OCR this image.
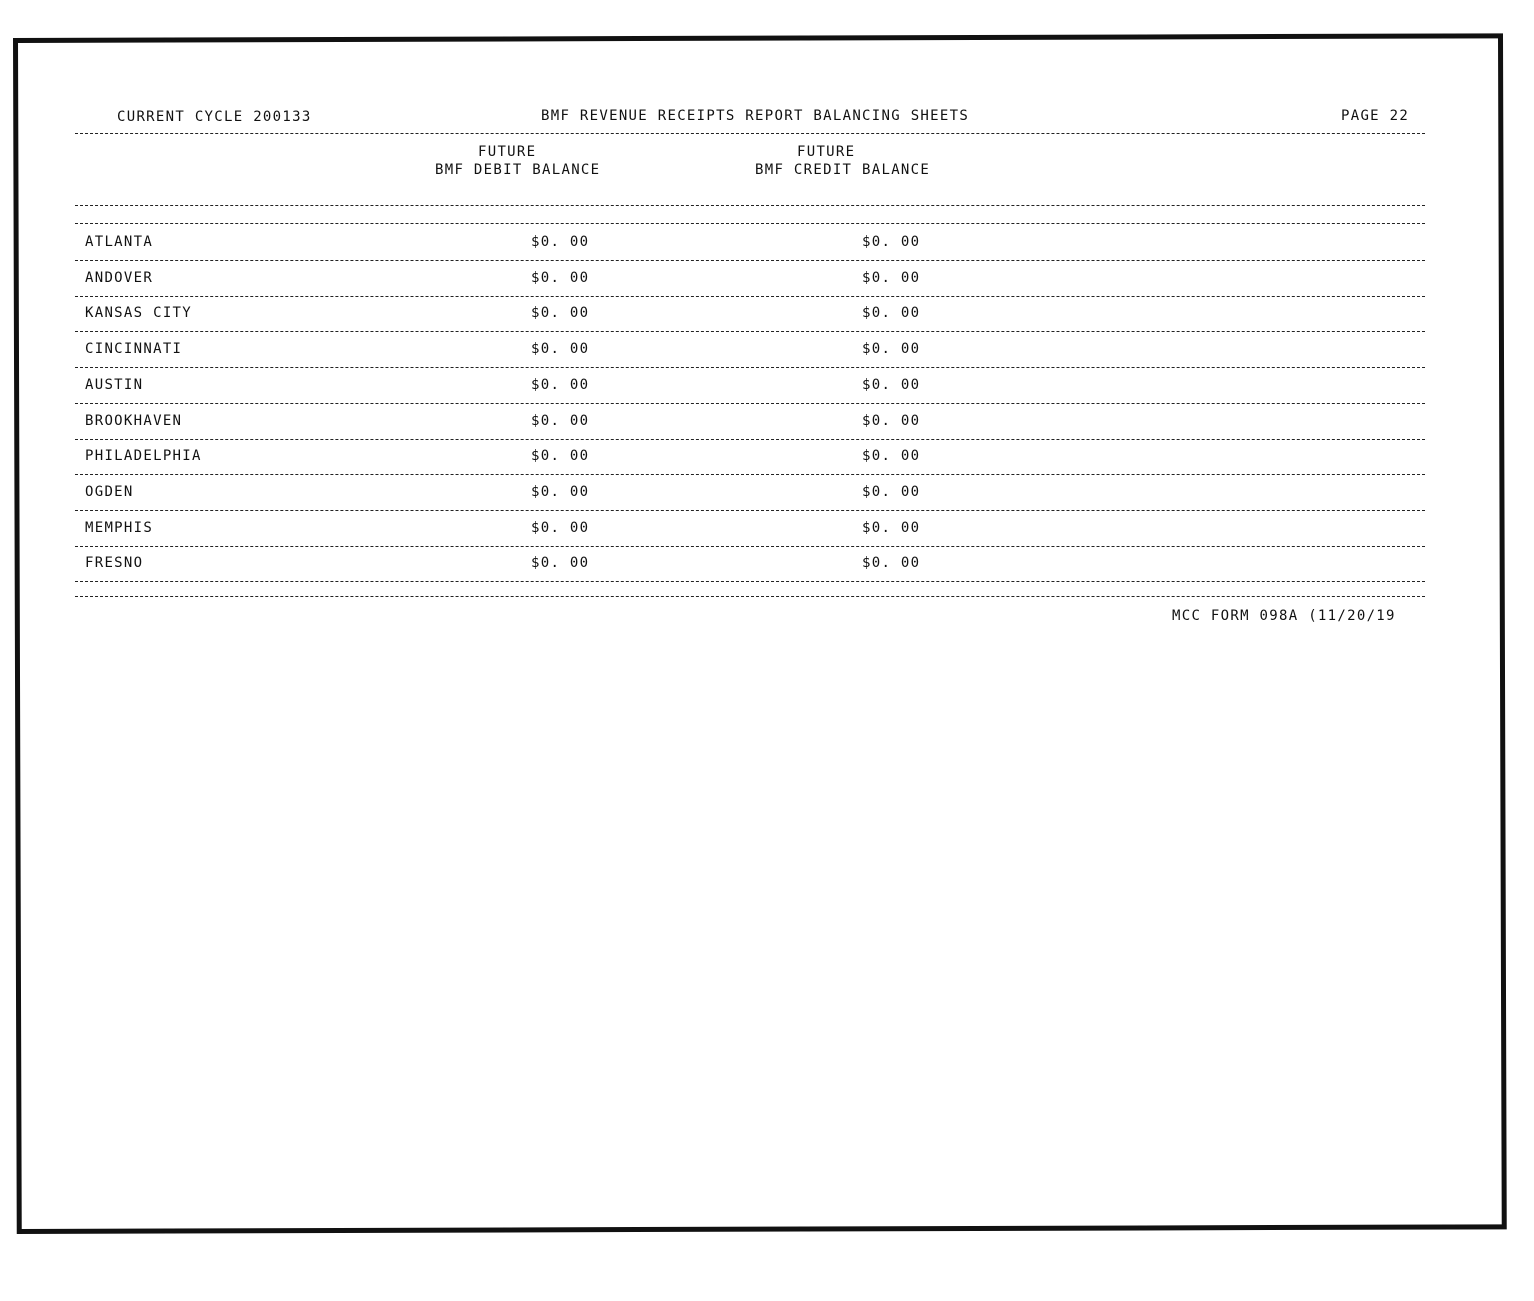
CURRENT CYCLE 200133	BMF REVENUE RECEIPTS REPORT BALANCING SHEETS	PAGE 22
FUTURE
BMF DEBIT BALANCE
FUTURE
BMF CREDIT BALANCE
ATLANTA	$0. 00	$0. 00
ANDOVER	$0. 00	$0. 00
KANSAS CITY	$0. 00	$0. 00
CINCINNATI	$0. 00	$0. 00
AUSTIN	$0. 00	$0. 00
BROOKHAVEN	$0. 00	$0. 00
PHILADELPHIA	$0. 00	$0. 00
OGDEN	$0. 00	$0. 00
MEMPHIS	$0. 00	$0. 00
FRESNO	$0. 00	$0. 00
MCC FORM 098A (11/20/19
